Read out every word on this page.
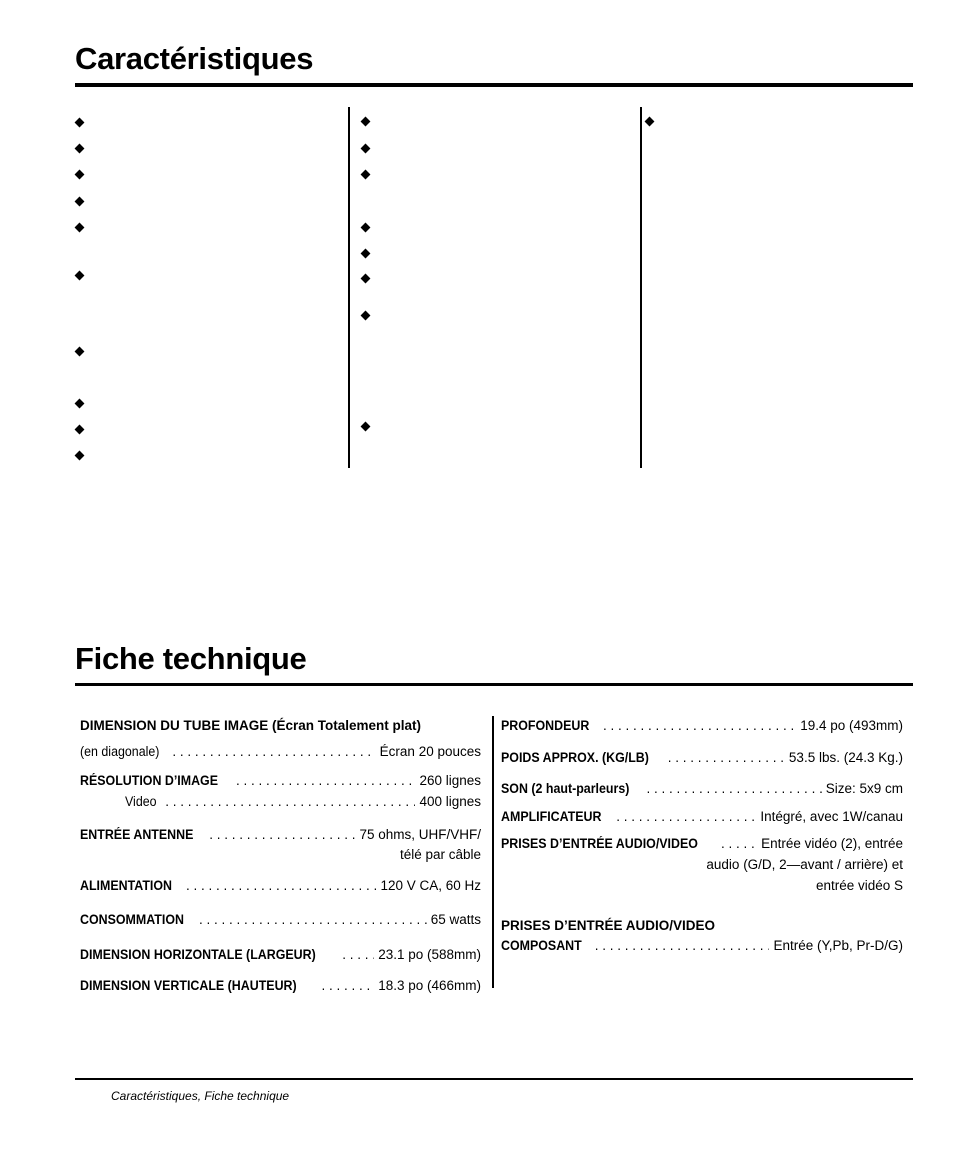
Caractéristiques
Fiche technique
DIMENSION DU TUBE IMAGE (Écran Totalement plat)
(en diagonale) . . .	Écran 20 pouces
RÉSOLUTION D’IMAGE . . .	260 lignes
Video . . .	400 lignes
ENTRÉE ANTENNE . . .	75 ohms, UHF/VHF/
télé par câble
ALIMENTATION . . .	120 V CA, 60 Hz
CONSOMMATION . . .	65 watts
DIMENSION HORIZONTALE (LARGEUR) . . .	23.1 po (588mm)
DIMENSION VERTICALE (HAUTEUR) . . .	18.3 po (466mm)
PROFONDEUR . . .	19.4 po (493mm)
POIDS APPROX. (KG/LB) . . .	53.5 lbs. (24.3 Kg.)
SON (2 haut-parleurs) . . .	Size: 5x9 cm
AMPLIFICATEUR . . .	Intégré, avec 1W/canau
PRISES D’ENTRÉE AUDIO/VIDEO . . .	Entrée vidéo (2), entrée
audio (G/D, 2—avant / arrière) et
entrée vidéo S
PRISES D’ENTRÉE AUDIO/VIDEO
COMPOSANT . . .	Entrée (Y,Pb, Pr-D/G)
Caractéristiques, Fiche technique
